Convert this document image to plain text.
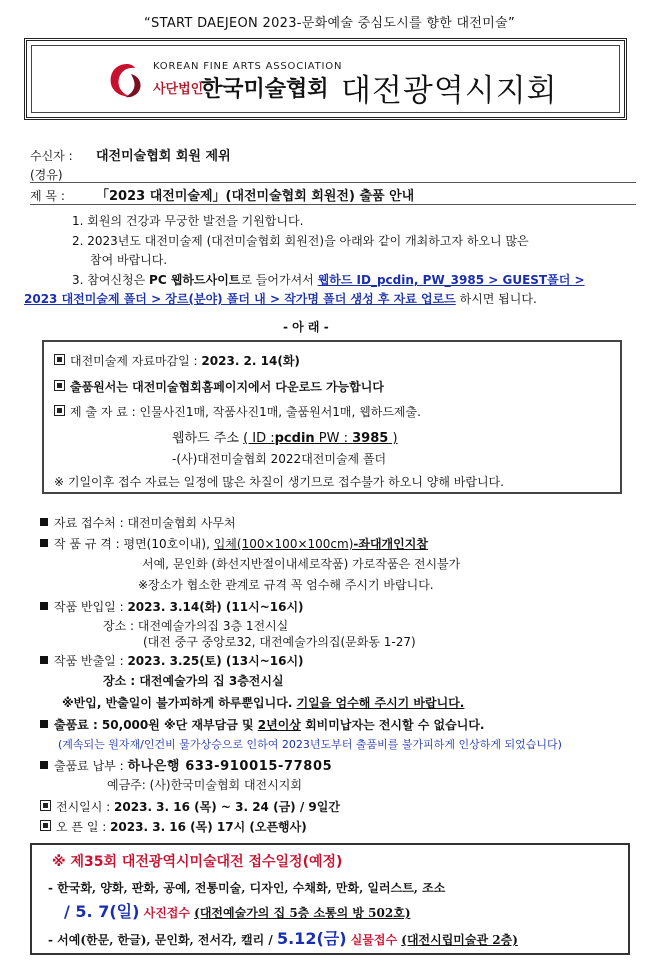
“START DAEJEON 2023-문화예술 중심도시를 향한 대전미술”
KOREAN FINE ARTS ASSOCIATION
사단법인
한국미술협회 대전광역시지회
수신자 : 대전미술협회 회원 제위
(경유)
제 목 : 「2023 대전미술제」(대전미술협회 회원전) 출품 안내
1. 회원의 건강과 무궁한 발전을 기원합니다.
2. 2023년도 대전미술제 (대전미술협회 회원전)을 아래와 같이 개최하고자 하오니 많은
참여 바랍니다.
3. 참여신청은 PC 웹하드사이트로 들어가셔서 웹하드 ID_pcdin, PW_3985 > GUEST폴더 >
2023 대전미술제 폴더 > 장르(분야) 폴더 내 > 작가명 폴더 생성 후 자료 업로드 하시면 됩니다.
- 아 래 -
대전미술제 자료마감일 : 2023. 2. 14(화)
출품원서는 대전미술협회홈페이지에서 다운로드 가능합니다
제 출 자 료 : 인물사진1매, 작품사진1매, 출품원서1매, 웹하드제출.
웹하드 주소 ( ID :pcdin PW : 3985 )
-(사)대전미술협회 2022대전미술제 폴더
※ 기일이후 접수 자료는 일정에 많은 차질이 생기므로 접수불가 하오니 양해 바랍니다.
자료 접수처 : 대전미술협회 사무처
작 품 규 격 : 평면(10호이내), 입체(100×100×100cm)-좌대개인지참
서예, 문인화 (화선지반절이내세로작품) 가로작품은 전시불가
※장소가 협소한 관계로 규격 꼭 엄수해 주시기 바랍니다.
작품 반입일 : 2023. 3.14(화) (11시~16시)
장소 : 대전예술가의집 3층 1전시실
(대전 중구 중앙로32, 대전예술가의집(문화동 1-27)
작품 반출일 : 2023. 3.25(토) (13시~16시)
장소 : 대전예술가의 집 3층전시실
※반입, 반출일이 불가피하게 하루뿐입니다. 기일을 엄수해 주시기 바랍니다.
출품료 : 50,000원 ※단 재부담금 및 2년이상 회비미납자는 전시할 수 없습니다.
(계속되는 원자재/인건비 물가상승으로 인하여 2023년도부터 출품비를 불가피하게 인상하게 되었습니다)
출품료 납부 : 하나은행 633-910015-77805
예금주: (사)한국미술협회 대전시지회
전시일시 : 2023. 3. 16 (목) ~ 3. 24 (금) / 9일간
오 픈 일 : 2023. 3. 16 (목) 17시 (오픈행사)
※ 제35회 대전광역시미술대전 접수일정(예정)
- 한국화, 양화, 판화, 공예, 전통미술, 디자인, 수채화, 만화, 일러스트, 조소
/ 5. 7(일) 사진접수 (대전예술가의 집 5층 소통의 방 502호)
- 서예(한문, 한글), 문인화, 전서각, 캘리 / 5.12(금) 실물접수 (대전시립미술관 2층)
